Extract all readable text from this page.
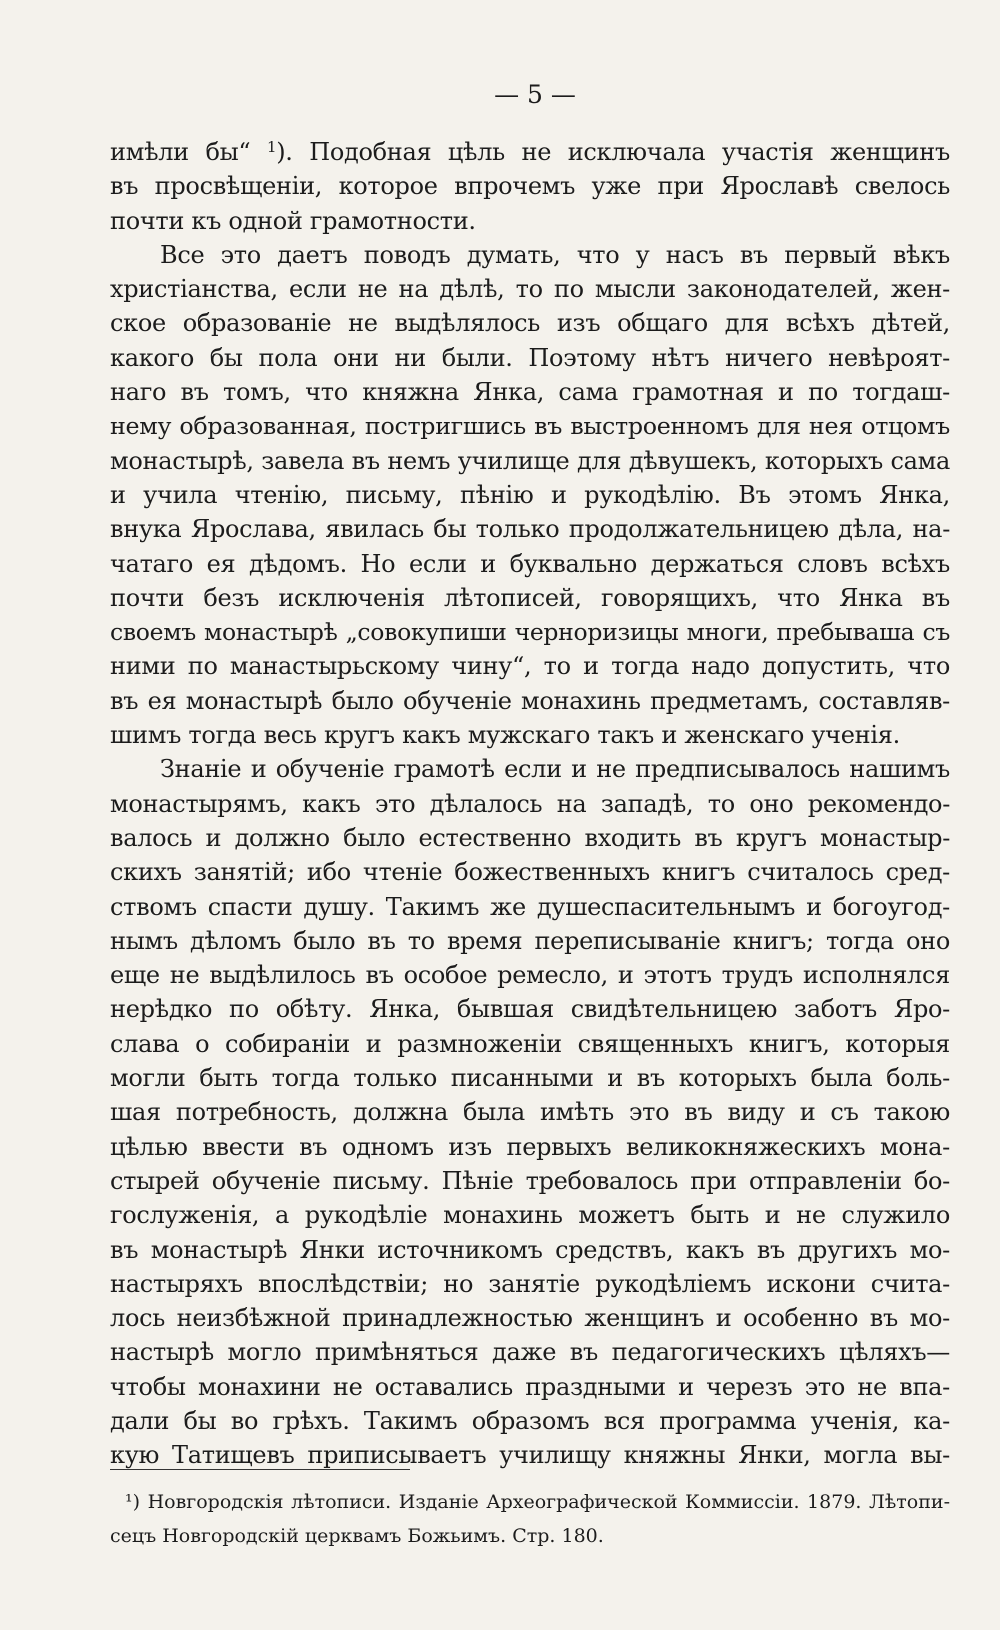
— 5 —
имѣли бы“ $^1$). Подобная цѣль не исключала участія женщинъ
въ просвѣщеніи, которое впрочемъ уже при Ярославѣ свелось
почти къ одной грамотности.
Все это даетъ поводъ думать, что у насъ въ первый вѣкъ
христіанства, если не на дѣлѣ, то по мысли законодателей, жен-
ское образованіе не выдѣлялось изъ общаго для всѣхъ дѣтей,
какого бы пола они ни были. Поэтому нѣтъ ничего невѣроят-
наго въ томъ, что княжна Янка, сама грамотная и по тогдаш-
нему образованная, постригшись въ выстроенномъ для нея отцомъ
монастырѣ, завела въ немъ училище для дѣвушекъ, которыхъ сама
и учила чтенію, письму, пѣнію и рукодѣлію. Въ этомъ Янка,
внука Ярослава, явилась бы только продолжательницею дѣла, на-
чатаго ея дѣдомъ. Но если и буквально держаться словъ всѣхъ
почти безъ исключенія лѣтописей, говорящихъ, что Янка въ
своемъ монастырѣ „совокупиши черноризицы многи, пребываша съ
ними по манастырьскому чину“, то и тогда надо допустить, что
въ ея монастырѣ было обученіе монахинь предметамъ, составляв-
шимъ тогда весь кругъ какъ мужскаго такъ и женскаго ученія.
Знаніе и обученіе грамотѣ если и не предписывалось нашимъ
монастырямъ, какъ это дѣлалось на западѣ, то оно рекомендо-
валось и должно было естественно входить въ кругъ монастыр-
скихъ занятій; ибо чтеніе божественныхъ книгъ считалось сред-
ствомъ спасти душу. Такимъ же душеспасительнымъ и богоугод-
нымъ дѣломъ было въ то время переписываніе книгъ; тогда оно
еще не выдѣлилось въ особое ремесло, и этотъ трудъ исполнялся
нерѣдко по обѣту. Янка, бывшая свидѣтельницею заботъ Яро-
слава о собираніи и размноженіи священныхъ книгъ, которыя
могли быть тогда только писанными и въ которыхъ была боль-
шая потребность, должна была имѣть это въ виду и съ такою
цѣлью ввести въ одномъ изъ первыхъ великокняжескихъ мона-
стырей обученіе письму. Пѣніе требовалось при отправленіи бо-
гослуженія, а рукодѣліе монахинь можетъ быть и не служило
въ монастырѣ Янки источникомъ средствъ, какъ въ другихъ мо-
настыряхъ впослѣдствіи; но занятіе рукодѣліемъ искони счита-
лось неизбѣжной принадлежностью женщинъ и особенно въ мо-
настырѣ могло примѣняться даже въ педагогическихъ цѣляхъ—
чтобы монахини не оставались праздными и черезъ это не впа-
дали бы во грѣхъ. Такимъ образомъ вся программа ученія, ка-
кую Татищевъ приписываетъ училищу княжны Янки, могла вы-
¹) Новгородскія лѣтописи. Изданіе Археографической Коммиссіи. 1879. Лѣтопи-
сецъ Новгородскій церквамъ Божьимъ. Стр. 180.
